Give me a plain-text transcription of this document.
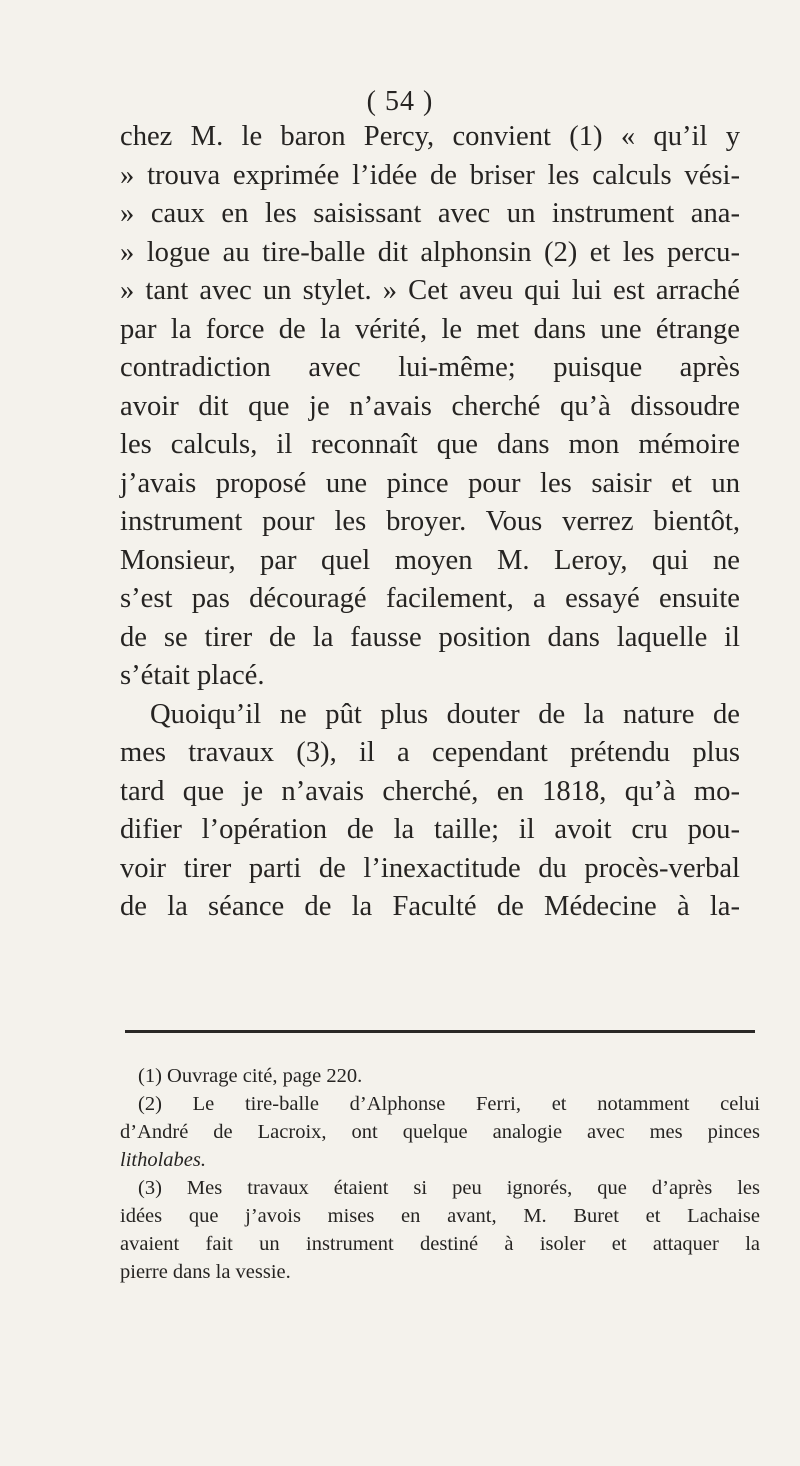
( 54 )
chez M. le baron Percy, convient (1) « qu’il y
» trouva exprimée l’idée de briser les calculs vési-
» caux en les saisissant avec un instrument ana-
» logue au tire-balle dit alphonsin (2) et les percu-
» tant avec un stylet. » Cet aveu qui lui est arraché
par la force de la vérité, le met dans une étrange
contradiction avec lui-même; puisque après
avoir dit que je n’avais cherché qu’à dissoudre
les calculs, il reconnaît que dans mon mémoire
j’avais proposé une pince pour les saisir et un
instrument pour les broyer. Vous verrez bientôt,
Monsieur, par quel moyen M. Leroy, qui ne
s’est pas découragé facilement, a essayé ensuite
de se tirer de la fausse position dans laquelle il
s’était placé.
Quoiqu’il ne pût plus douter de la nature de
mes travaux (3), il a cependant prétendu plus
tard que je n’avais cherché, en 1818, qu’à mo-
difier l’opération de la taille; il avoit cru pou-
voir tirer parti de l’inexactitude du procès-verbal
de la séance de la Faculté de Médecine à la-
(1) Ouvrage cité, page 220.
(2) Le tire-balle d’Alphonse Ferri, et notamment celui
d’André de Lacroix, ont quelque analogie avec mes pinces
litholabes.
(3) Mes travaux étaient si peu ignorés, que d’après les
idées que j’avois mises en avant, M. Buret et Lachaise
avaient fait un instrument destiné à isoler et attaquer la
pierre dans la vessie.
